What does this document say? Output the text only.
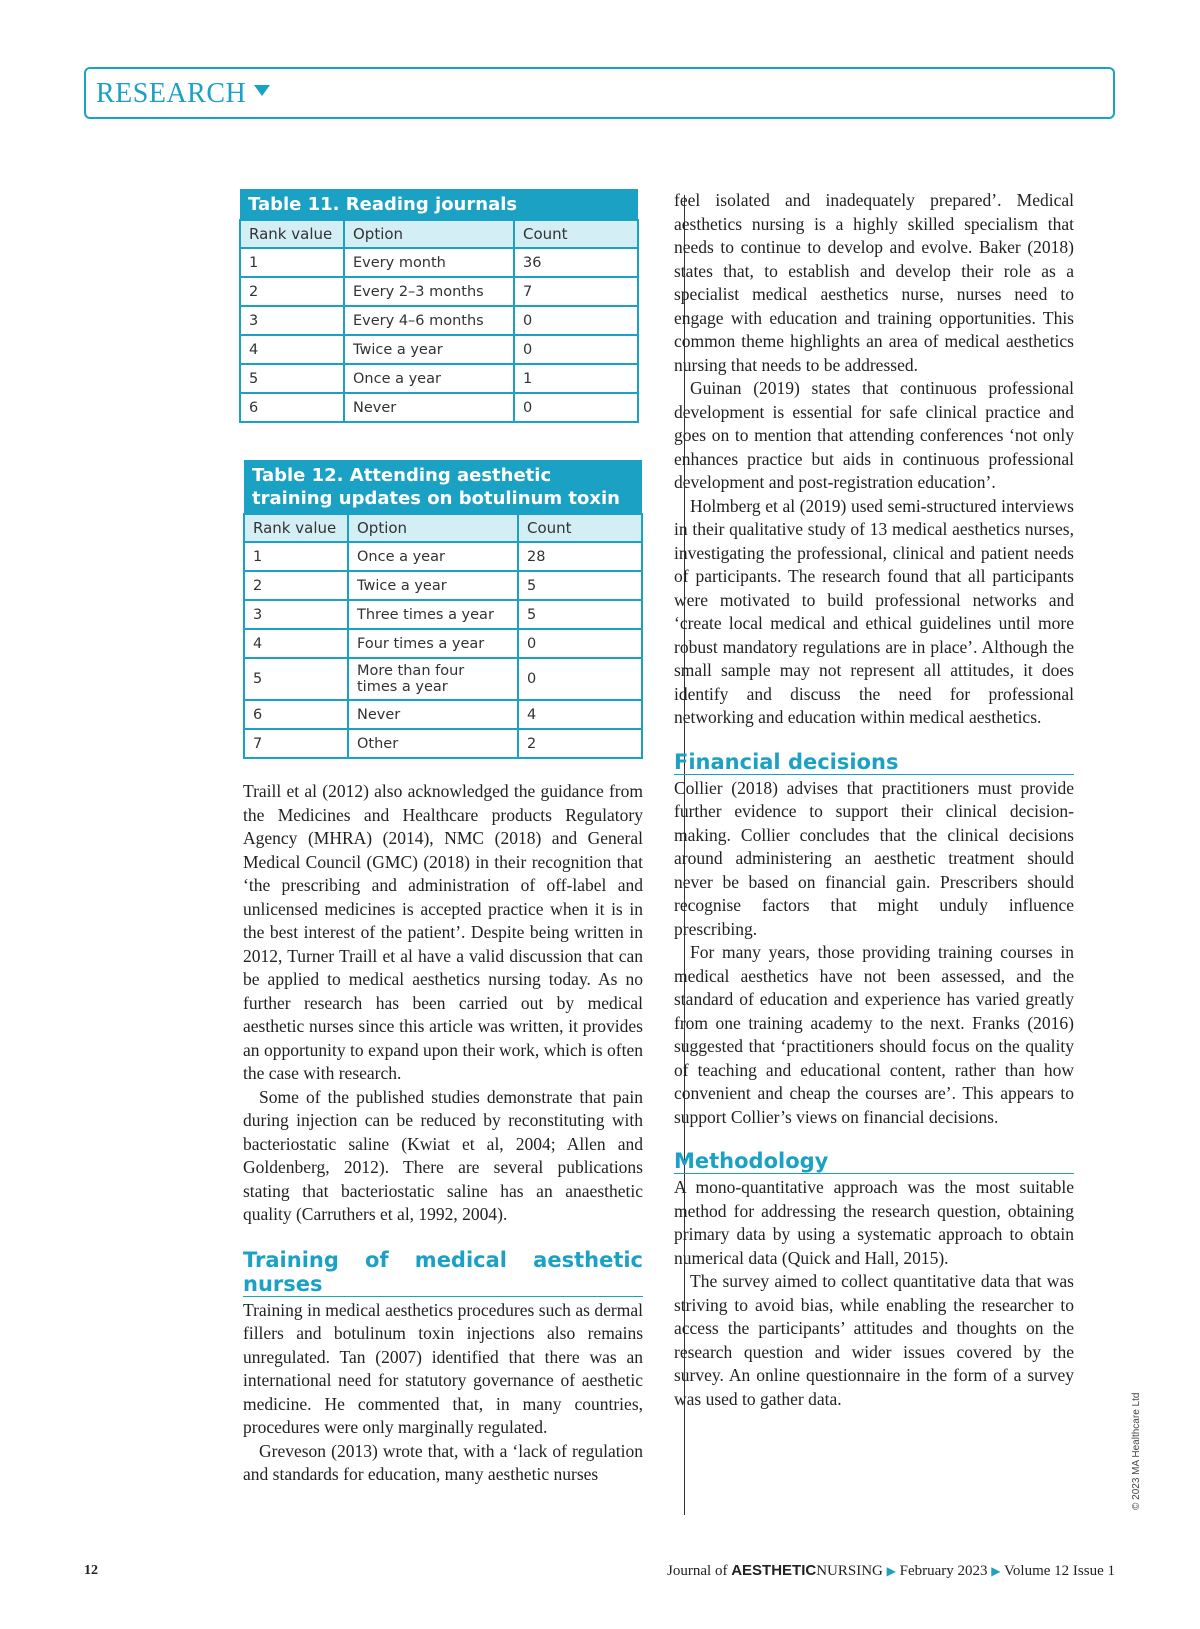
RESEARCH
Table 11. Reading journals		

Rank value	Option	Count
1	Every month	36
2	Every 2–3 months	7
3	Every 4–6 months	0
4	Twice a year	0
5	Once a year	1
6	Never	0
Table 12. Attending aesthetic training updates on botulinum toxin		

Rank value	Option	Count
1	Once a year	28
2	Twice a year	5
3	Three times a year	5
4	Four times a year	0
5	More than four times a year	0
6	Never	4
7	Other	2

Traill et al (2012) also acknowledged the guidance from the Medicines and Healthcare products Regulatory Agency (MHRA) (2014), NMC (2018) and General Medical Council (GMC) (2018) in their recognition that ‘the prescribing and administration of off-label and unlicensed medicines is accepted practice when it is in the best interest of the patient’. Despite being written in 2012, Turner Traill et al have a valid discussion that can be applied to medical aesthetics nursing today. As no further research has been carried out by medical aesthetic nurses since this article was written, it provides an opportunity to expand upon their work, which is often the case with research.

Some of the published studies demonstrate that pain during injection can be reduced by reconstituting with bacteriostatic saline (Kwiat et al, 2004; Allen and Goldenberg, 2012). There are several publications stating that bacteriostatic saline has an anaesthetic quality (Carruthers et al, 1992, 2004).

Training of medical aesthetic nurses

Training in medical aesthetics procedures such as dermal fillers and botulinum toxin injections also remains unregulated. Tan (2007) identified that there was an international need for statutory governance of aesthetic medicine. He commented that, in many countries, procedures were only marginally regulated.

Greveson (2013) wrote that, with a ‘lack of regulation and standards for education, many aesthetic nurses

feel isolated and inadequately prepared’. Medical aesthetics nursing is a highly skilled specialism that needs to continue to develop and evolve. Baker (2018) states that, to establish and develop their role as a specialist medical aesthetics nurse, nurses need to engage with education and training opportunities. This common theme highlights an area of medical aesthetics nursing that needs to be addressed.

Guinan (2019) states that continuous professional development is essential for safe clinical practice and goes on to mention that attending conferences ‘not only enhances practice but aids in continuous professional development and post-registration education’.

Holmberg et al (2019) used semi-structured interviews in their qualitative study of 13 medical aesthetics nurses, investigating the professional, clinical and patient needs of participants. The research found that all participants were motivated to build professional networks and ‘create local medical and ethical guidelines until more robust mandatory regulations are in place’. Although the small sample may not represent all attitudes, it does identify and discuss the need for professional networking and education within medical aesthetics.

Financial decisions

Collier (2018) advises that practitioners must provide further evidence to support their clinical decision-making. Collier concludes that the clinical decisions around administering an aesthetic treatment should never be based on financial gain. Prescribers should recognise factors that might unduly influence prescribing.

For many years, those providing training courses in medical aesthetics have not been assessed, and the standard of education and experience has varied greatly from one training academy to the next. Franks (2016) suggested that ‘practitioners should focus on the quality of teaching and educational content, rather than how convenient and cheap the courses are’. This appears to support Collier’s views on financial decisions.

Methodology

A mono-quantitative approach was the most suitable method for addressing the research question, obtaining primary data by using a systematic approach to obtain numerical data (Quick and Hall, 2015).

The survey aimed to collect quantitative data that was striving to avoid bias, while enabling the researcher to access the participants’ attitudes and thoughts on the research question and wider issues covered by the survey. An online questionnaire in the form of a survey was used to gather data.	© 2023 MA Healthcare Ltd
12	Journal of AESTHETICNURSING ▶ February 2023 ▶ Volume 12 Issue 1
